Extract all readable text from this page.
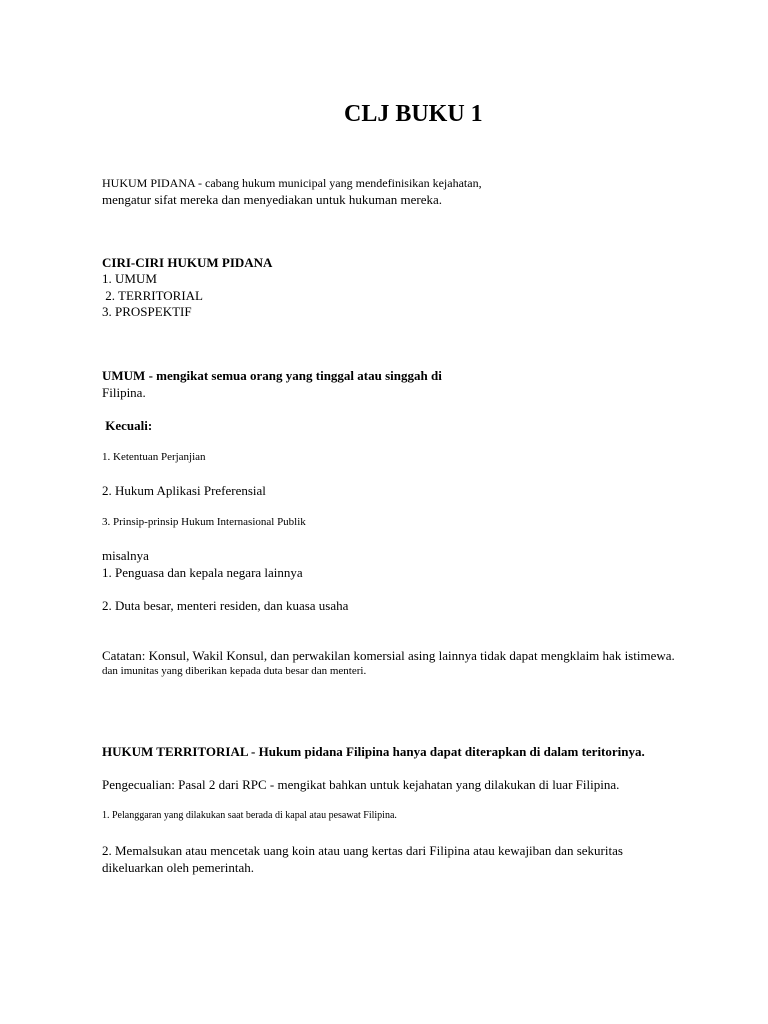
CLJ BUKU 1
HUKUM PIDANA - cabang hukum municipal yang mendefinisikan kejahatan,
mengatur sifat mereka dan menyediakan untuk hukuman mereka.
CIRI-CIRI HUKUM PIDANA
1. UMUM
2. TERRITORIAL
3. PROSPEKTIF
UMUM - mengikat semua orang yang tinggal atau singgah di
Filipina.
Kecuali:
1. Ketentuan Perjanjian
2. Hukum Aplikasi Preferensial
3. Prinsip-prinsip Hukum Internasional Publik
misalnya
1. Penguasa dan kepala negara lainnya
2. Duta besar, menteri residen, dan kuasa usaha
Catatan: Konsul, Wakil Konsul, dan perwakilan komersial asing lainnya tidak dapat mengklaim hak istimewa.
dan imunitas yang diberikan kepada duta besar dan menteri.
HUKUM TERRITORIAL - Hukum pidana Filipina hanya dapat diterapkan di dalam teritorinya.
Pengecualian: Pasal 2 dari RPC - mengikat bahkan untuk kejahatan yang dilakukan di luar Filipina.
1. Pelanggaran yang dilakukan saat berada di kapal atau pesawat Filipina.
2. Memalsukan atau mencetak uang koin atau uang kertas dari Filipina atau kewajiban dan sekuritas
dikeluarkan oleh pemerintah.
